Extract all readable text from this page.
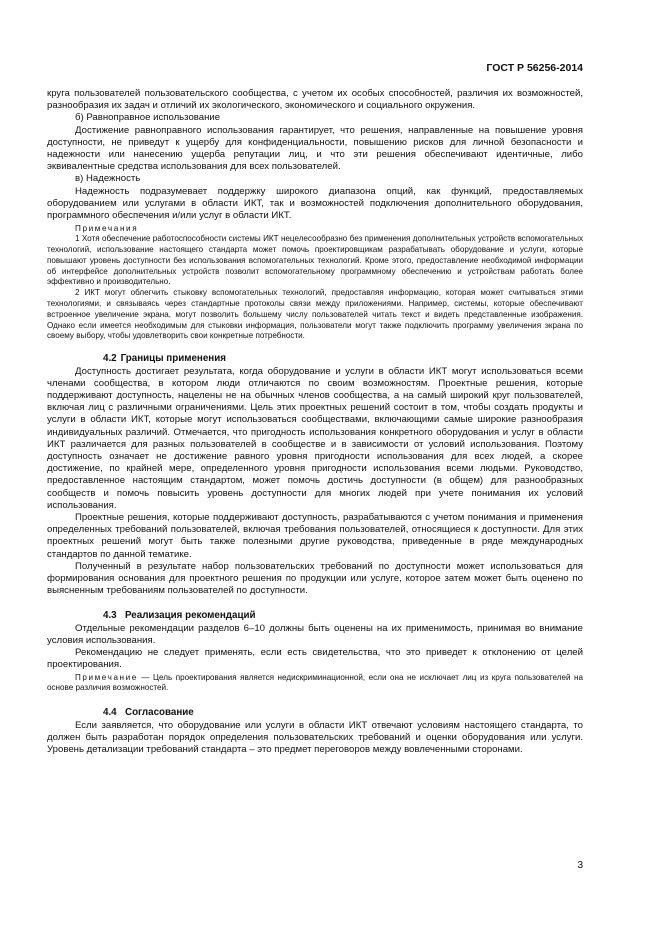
ГОСТ Р 56256-2014

круга пользователей пользовательского сообщества, с учетом их особых способностей, различия их возможностей, разнообразия их задач и отличий их экологического, экономического и социального окружения.

б) Равноправное использование

Достижение равноправного использования гарантирует, что решения, направленные на повышение уровня доступности, не приведут к ущербу для конфиденциальности, повышению рисков для личной безопасности и надежности или нанесению ущерба репутации лиц, и что эти решения обеспечивают идентичные, либо эквивалентные средства использования для всех пользователей.

в) Надежность

Надежность подразумевает поддержку широкого диапазона опций, как функций, предоставляемых оборудованием или услугами в области ИКТ, так и возможностей подключения дополнительного оборудования, программного обеспечения и/или услуг в области ИКТ.

Примечания

1 Хотя обеспечение работоспособности системы ИКТ нецелесообразно без применения дополнительных устройств вспомогательных технологий, использование настоящего стандарта может помочь проектировщикам разрабатывать оборудование и услуги, которые повышают уровень доступности без использования вспомогательных технологий. Кроме этого, предоставление необходимой информации об интерфейсе дополнительных устройств позволит вспомогательному программному обеспечению и устройствам работать более эффективно и производительно.

2 ИКТ могут облегчить стыковку вспомогательных технологий, предоставляя информацию, которая может считываться этими технологиями, и связываясь через стандартные протоколы связи между приложениями. Например, системы, которые обеспечивают встроенное увеличение экрана, могут позволить большему числу пользователей читать текст и видеть представленные изображения. Однако если имеется необходимым для стыковки информация, пользователи могут также подключить программу увеличения экрана по своему выбору, чтобы удовлетворить свои конкретные потребности.

4.2 Границы применения

Доступность достигает результата, когда оборудование и услуги в области ИКТ могут использоваться всеми членами сообщества, в котором люди отличаются по своим возможностям. Проектные решения, которые поддерживают доступность, нацелены не на обычных членов сообщества, а на самый широкий круг пользователей, включая лиц с различными ограничениями. Цель этих проектных решений состоит в том, чтобы создать продукты и услуги в области ИКТ, которые могут использоваться сообществами, включающими самые широкие разнообразия индивидуальных различий. Отмечается, что пригодность использования конкретного оборудования и услуг в области ИКТ различается для разных пользователей в сообществе и в зависимости от условий использования. Поэтому доступность означает не достижение равного уровня пригодности использования для всех людей, а скорее достижение, по крайней мере, определенного уровня пригодности использования всеми людьми. Руководство, предоставленное настоящим стандартом, может помочь достичь доступности (в общем) для разнообразных сообществ и помочь повысить уровень доступности для многих людей при учете понимания их условий использования.

Проектные решения, которые поддерживают доступность, разрабатываются с учетом понимания и применения определенных требований пользователей, включая требования пользователей, относящиеся к доступности. Для этих проектных решений могут быть также полезными другие руководства, приведенные в ряде международных стандартов по данной тематике.

Полученный в результате набор пользовательских требований по доступности может использоваться для формирования основания для проектного решения по продукции или услуге, которое затем может быть оценено по выясненным требованиям пользователей по доступности.

4.3 Реализация рекомендаций

Отдельные рекомендации разделов 6–10 должны быть оценены на их применимость, принимая во внимание условия использования.

Рекомендацию не следует применять, если есть свидетельства, что это приведет к отклонению от целей проектирования.

Примечание — Цель проектирования является недискриминационной, если она не исключает лиц из круга пользователей на основе различия возможностей.

4.4 Согласование

Если заявляется, что оборудование или услуги в области ИКТ отвечают условиям настоящего стандарта, то должен быть разработан порядок определения пользовательских требований и оценки оборудования или услуги. Уровень детализации требований стандарта – это предмет переговоров между вовлеченными сторонами.

3
